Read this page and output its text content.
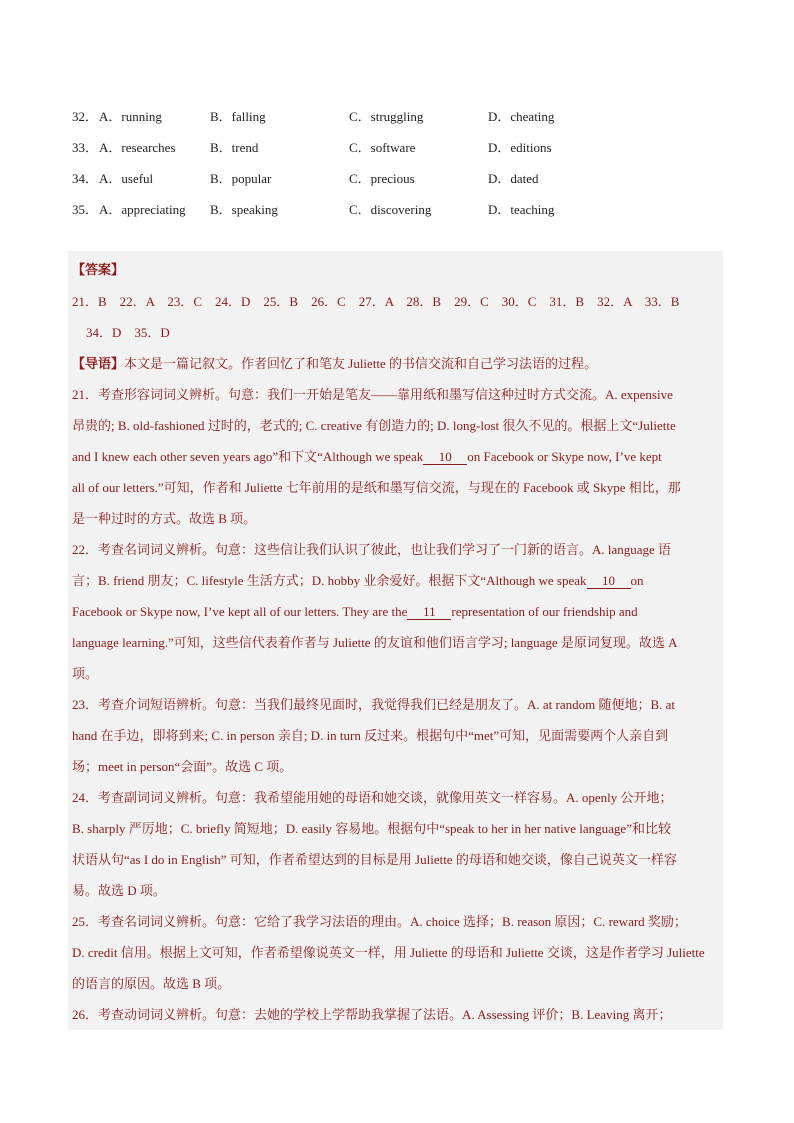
32． A．running	B．falling	C．struggling	D．cheating
33． A．researches	B．trend	C．software	D．editions
34． A．useful	B．popular	C．precious	D．dated
35． A．appreciating	B．speaking	C．discovering	D．teaching
【答案】
21．B　22．A　23．C　24．D　25．B　26．C　27．A　28．B　29．C　30．C　31．B　32．A　33．B
34．D　35．D
【导语】本文是一篇记叙文。作者回忆了和笔友 Juliette 的书信交流和自己学习法语的过程。
21．考查形容词词义辨析。句意：我们一开始是笔友——靠用纸和墨写信这种过时方式交流。A. expensive
昂贵的; B. old-fashioned 过时的，老式的; C. creative 有创造力的; D. long-lost 很久不见的。根据上文“Juliette
and I knew each other seven years ago”和下文“Although we speak 10 on Facebook or Skype now, I’ve kept
all of our letters.”可知，作者和 Juliette 七年前用的是纸和墨写信交流，与现在的 Facebook 或 Skype 相比，那
是一种过时的方式。故选 B 项。
22．考查名词词义辨析。句意：这些信让我们认识了彼此，也让我们学习了一门新的语言。A. language 语
言；B. friend 朋友；C. lifestyle 生活方式；D. hobby 业余爱好。根据下文“Although we speak 10 on
Facebook or Skype now, I’ve kept all of our letters. They are the 11 representation of our friendship and
language learning.”可知，这些信代表着作者与 Juliette 的友谊和他们语言学习; language 是原词复现。故选 A
项。
23．考查介词短语辨析。句意：当我们最终见面时，我觉得我们已经是朋友了。A. at random 随便地；B. at
hand 在手边，即将到来; C. in person 亲自; D. in turn 反过来。根据句中“met”可知，见面需要两个人亲自到
场；meet in person“会面”。故选 C 项。
24．考查副词词义辨析。句意：我希望能用她的母语和她交谈，就像用英文一样容易。A. openly 公开地；
B. sharply 严厉地；C. briefly 简短地；D. easily 容易地。根据句中“speak to her in her native language”和比较
状语从句“as I do in English” 可知，作者希望达到的目标是用 Juliette 的母语和她交谈，像自己说英文一样容
易。故选 D 项。
25．考查名词词义辨析。句意：它给了我学习法语的理由。A. choice 选择；B. reason 原因；C. reward 奖励；
D. credit 信用。根据上文可知，作者希望像说英文一样，用 Juliette 的母语和 Juliette 交谈，这是作者学习 Juliette
的语言的原因。故选 B 项。
26．考查动词词义辨析。句意：去她的学校上学帮助我掌握了法语。A. Assessing 评价；B. Leaving 离开；
